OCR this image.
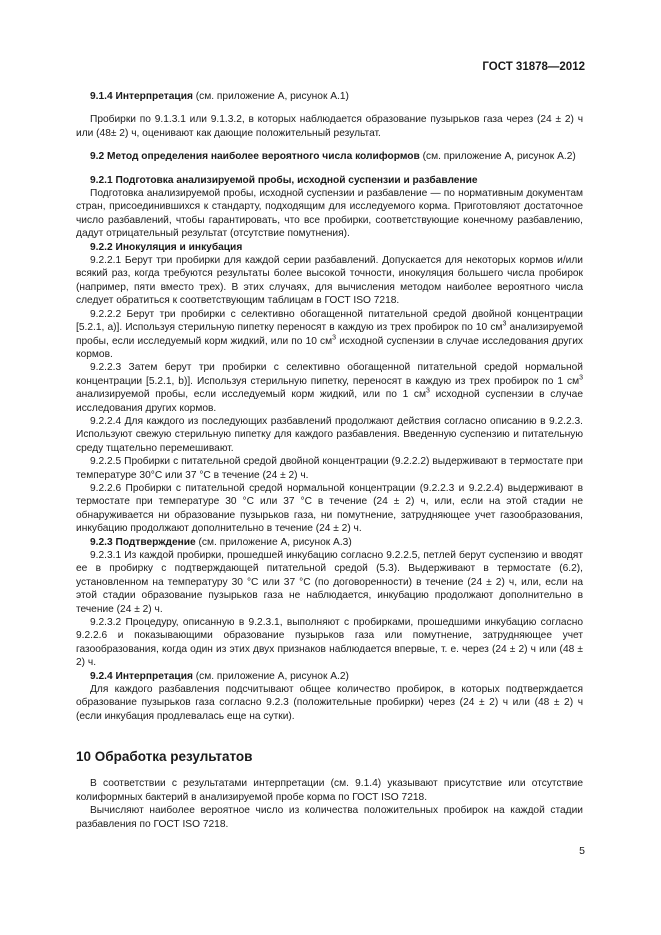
ГОСТ 31878—2012

9.1.4 Интерпретация (см. приложение А, рисунок А.1)

Пробирки по 9.1.3.1 или 9.1.3.2, в которых наблюдается образование пузырьков газа через (24 ± 2) ч или (48± 2) ч, оценивают как дающие положительный результат.

9.2 Метод определения наиболее вероятного числа колиформов (см. приложение А, рисунок А.2)

9.2.1 Подготовка анализируемой пробы, исходной суспензии и разбавление

Подготовка анализируемой пробы, исходной суспензии и разбавление — по нормативным документам стран, присоединившихся к стандарту, подходящим для исследуемого корма. Приготовляют достаточное число разбавлений, чтобы гарантировать, что все пробирки, соответствующие конечному разбавлению, дадут отрицательный результат (отсутствие помутнения).

9.2.2 Инокуляция и инкубация

9.2.2.1 Берут три пробирки для каждой серии разбавлений. Допускается для некоторых кормов и/или всякий раз, когда требуются результаты более высокой точности, инокуляция большего числа пробирок (например, пяти вместо трех). В этих случаях, для вычисления методом наиболее вероятного числа следует обратиться к соответствующим таблицам в ГОСТ ISO 7218.

9.2.2.2 Берут три пробирки с селективно обогащенной питательной средой двойной концентрации [5.2.1, a)]. Используя стерильную пипетку переносят в каждую из трех пробирок по 10 $см^3$ анализируемой пробы, если исследуемый корм жидкий, или по 10 $см^3$ исходной суспензии в случае исследования других кормов.

9.2.2.3 Затем берут три пробирки с селективно обогащенной питательной средой нормальной концентрации [5.2.1, b)]. Используя стерильную пипетку, переносят в каждую из трех пробирок по 1 $см^3$ анализируемой пробы, если исследуемый корм жидкий, или по 1 $см^3$ исходной суспензии в случае исследования других кормов.

9.2.2.4 Для каждого из последующих разбавлений продолжают действия согласно описанию в 9.2.2.3. Используют свежую стерильную пипетку для каждого разбавления. Введенную суспензию и питательную среду тщательно перемешивают.

9.2.2.5 Пробирки с питательной средой двойной концентрации (9.2.2.2) выдерживают в термостате при температуре 30°С или 37 °С в течение (24 ± 2) ч.

9.2.2.6 Пробирки с питательной средой нормальной концентрации (9.2.2.3 и 9.2.2.4) выдерживают в термостате при температуре 30 °С или 37 °С в течение (24 ± 2) ч, или, если на этой стадии не обнаруживается ни образование пузырьков газа, ни помутнение, затрудняющее учет газообразования, инкубацию продолжают дополнительно в течение (24 ± 2) ч.

9.2.3 Подтверждение (см. приложение А, рисунок А.3)

9.2.3.1 Из каждой пробирки, прошедшей инкубацию согласно 9.2.2.5, петлей берут суспензию и вводят ее в пробирку с подтверждающей питательной средой (5.3). Выдерживают в термостате (6.2), установленном на температуру 30 °С или 37 °С (по договоренности) в течение (24 ± 2) ч, или, если на этой стадии образование пузырьков газа не наблюдается, инкубацию продолжают дополнительно в течение (24 ± 2) ч.

9.2.3.2 Процедуру, описанную в 9.2.3.1, выполняют с пробирками, прошедшими инкубацию согласно 9.2.2.6 и показывающими образование пузырьков газа или помутнение, затрудняющее учет газообразования, когда один из этих двух признаков наблюдается впервые, т. е. через (24 ± 2) ч или (48 ± 2) ч.

9.2.4 Интерпретация (см. приложение А, рисунок А.2)

Для каждого разбавления подсчитывают общее количество пробирок, в которых подтверждается образование пузырьков газа согласно 9.2.3 (положительные пробирки) через (24 ± 2) ч или (48 ± 2) ч (если инкубация продлевалась еще на сутки).

10 Обработка результатов

В соответствии с результатами интерпретации (см. 9.1.4) указывают присутствие или отсутствие колиформных бактерий в анализируемой пробе корма по ГОСТ ISO 7218.

Вычисляют наиболее вероятное число из количества положительных пробирок на каждой стадии разбавления по ГОСТ ISO 7218.

5
